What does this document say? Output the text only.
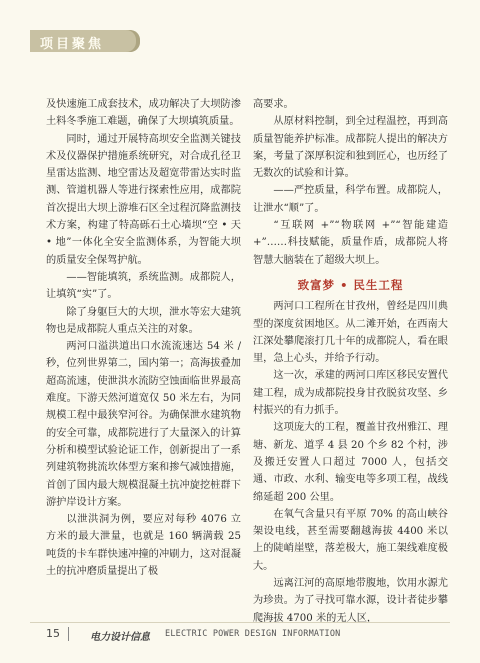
项目聚焦

及快速施工成套技术，成功解决了大坝防渗土料冬季施工难题，确保了大坝填筑质量。

同时，通过开展特高坝安全监测关键技术及仪器保护措施系统研究，对合成孔径卫星雷达监测、地空雷达及超宽带雷达实时监测、管道机器人等进行探索性应用，成都院首次提出大坝上游堆石区全过程沉降监测技术方案，构建了特高砾石土心墙坝“空 • 天 • 地”一体化全安全监测体系，为智能大坝的质量安全保驾护航。

——智能填筑，系统监测。成都院人，让填筑“实”了。

除了身躯巨大的大坝，泄水等宏大建筑物也是成都院人重点关注的对象。

两河口溢洪道出口水流流速达 54 米 / 秒，位列世界第二，国内第一；高海拔叠加超高流速，使泄洪水流防空蚀面临世界最高难度。下游天然河道宽仅 50 米左右，为同规模工程中最狭窄河谷。为确保泄水建筑物的安全可靠，成都院进行了大量深入的计算分析和模型试验论证工作，创新提出了一系列建筑物挑流坎体型方案和掺气减蚀措施，首创了国内最大规模混凝土抗冲旋挖桩群下游护岸设计方案。

以泄洪洞为例，要应对每秒 4076 立方米的最大泄量，也就是 160 辆满载 25 吨货的卡车群快速冲撞的冲刷力，这对混凝土的抗冲磨质量提出了极

高要求。

从原材料控制，到全过程温控，再到高质量智能养护标准。成都院人提出的解决方案，考量了深厚积淀和独到匠心，也历经了无数次的试验和计算。

——严控质量，科学布置。成都院人，让泄水“顺”了。

“互联网 +”“物联网 +”“智能建造 +”……科技赋能，质量作盾，成都院人将智慧大脑装在了超级大坝上。

致富梦 • 民生工程

两河口工程所在甘孜州，曾经是四川典型的深度贫困地区。从二滩开始，在西南大江深处攀爬滚打几十年的成都院人，看在眼里，急上心头，并给予行动。

这一次，承建的两河口库区移民安置代建工程，成为成都院投身甘孜脱贫攻坚、乡村振兴的有力抓手。

这项庞大的工程，覆盖甘孜州雅江、理塘、新龙、道孚 4 县 20 个乡 82 个村，涉及搬迁安置人口超过 7000 人，包括交通、市政、水利、输变电等多项工程，战线绵延超 200 公里。

在氧气含量只有平原 70% 的高山峡谷架设电线，甚至需要翻越海拔 4400 米以上的陡峭崖壁，落差极大，施工架线难度极大。

远离江河的高原地带腹地，饮用水源尤为珍贵。为了寻找可靠水源，设计者徒步攀爬海拔 4700 米的无人区，

15	电力设计信息 ELECTRIC POWER DESIGN INFORMATION
